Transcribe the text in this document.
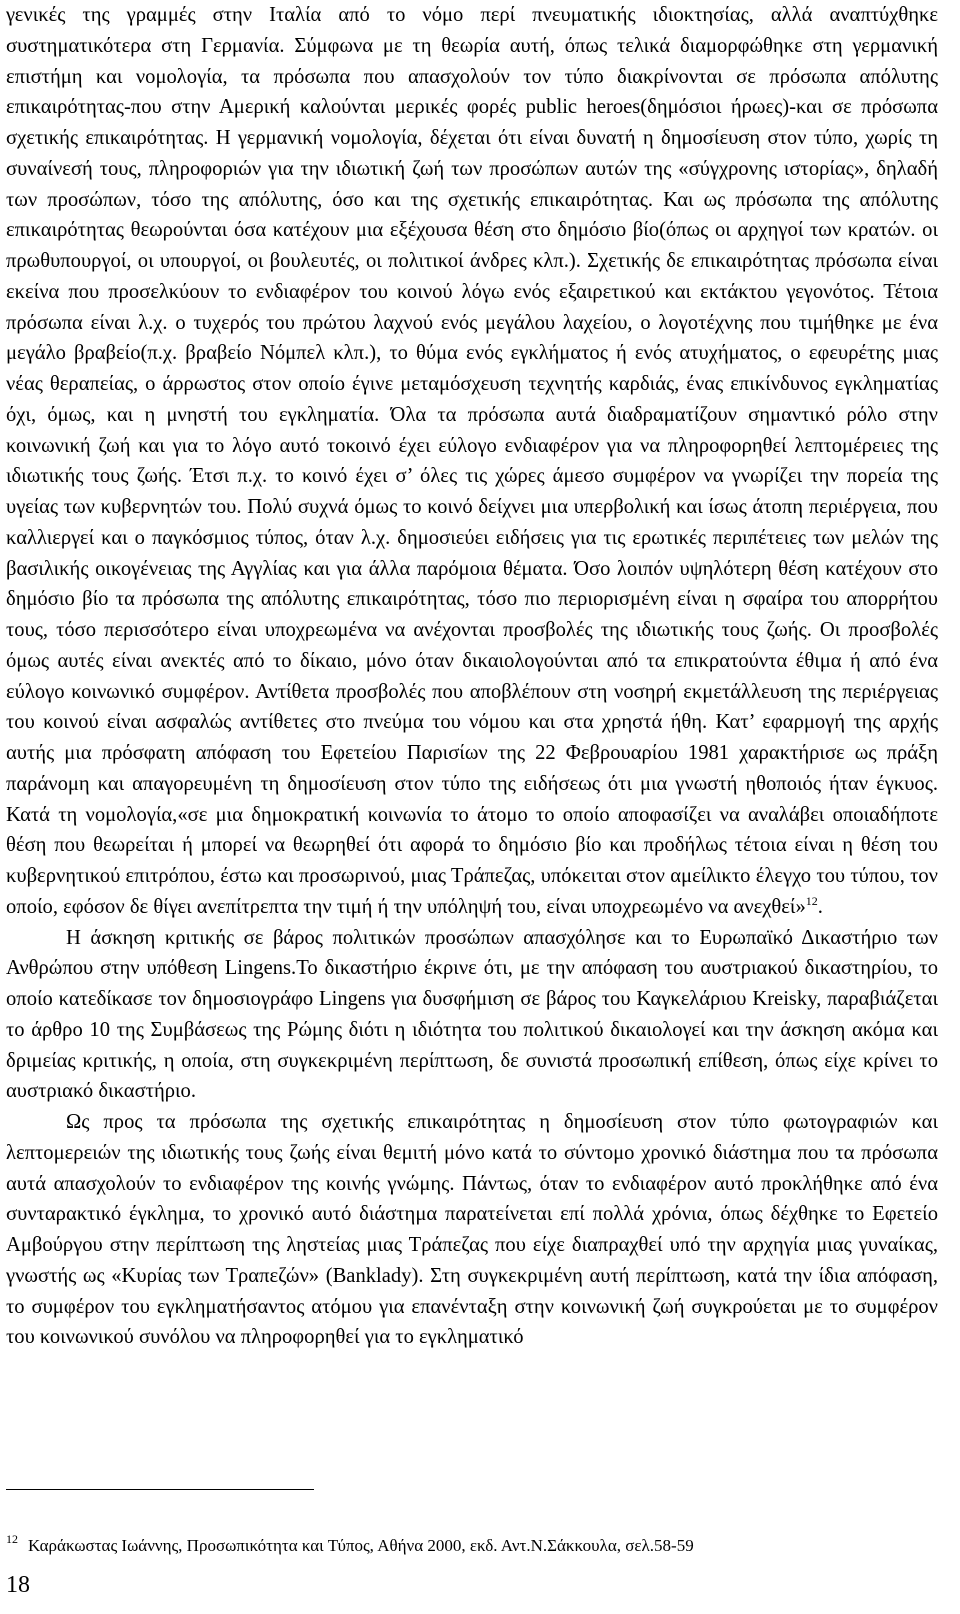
γενικές της γραμμές στην Ιταλία από το νόμο περί πνευματικής ιδιοκτησίας, αλλά αναπτύχθηκε συστηματικότερα στη Γερμανία. Σύμφωνα με τη θεωρία αυτή, όπως τελικά διαμορφώθηκε στη γερμανική επιστήμη και νομολογία, τα πρόσωπα που απασχολούν τον τύπο διακρίνονται σε πρόσωπα απόλυτης επικαιρότητας-που στην Αμερική καλούνται μερικές φορές public heroes(δημόσιοι ήρωες)-και σε πρόσωπα σχετικής επικαιρότητας. Η γερμανική νομολογία, δέχεται ότι είναι δυνατή η δημοσίευση στον τύπο, χωρίς τη συναίνεσή τους, πληροφοριών για την ιδιωτική ζωή των προσώπων αυτών της «σύγχρονης ιστορίας», δηλαδή των προσώπων, τόσο της απόλυτης, όσο και της σχετικής επικαιρότητας. Και ως πρόσωπα της απόλυτης επικαιρότητας θεωρούνται όσα κατέχουν μια εξέχουσα θέση στο δημόσιο βίο(όπως οι αρχηγοί των κρατών. οι πρωθυπουργοί, οι υπουργοί, οι βουλευτές, οι πολιτικοί άνδρες κλπ.). Σχετικής δε επικαιρότητας πρόσωπα είναι εκείνα που προσελκύουν το ενδιαφέρον του κοινού λόγω ενός εξαιρετικού και εκτάκτου γεγονότος. Τέτοια πρόσωπα είναι λ.χ. ο τυχερός του πρώτου λαχνού ενός μεγάλου λαχείου, ο λογοτέχνης που τιμήθηκε με ένα μεγάλο βραβείο(π.χ. βραβείο Νόμπελ κλπ.), το θύμα ενός εγκλήματος ή ενός ατυχήματος, ο εφευρέτης μιας νέας θεραπείας, ο άρρωστος στον οποίο έγινε μεταμόσχευση τεχνητής καρδιάς, ένας επικίνδυνος εγκληματίας όχι, όμως, και η μνηστή του εγκληματία. Όλα τα πρόσωπα αυτά διαδραματίζουν σημαντικό ρόλο στην κοινωνική ζωή και για το λόγο αυτό τοκοινό έχει εύλογο ενδιαφέρον για να πληροφορηθεί λεπτομέρειες της ιδιωτικής τους ζωής. Έτσι π.χ. το κοινό έχει σ’ όλες τις χώρες άμεσο συμφέρον να γνωρίζει την πορεία της υγείας των κυβερνητών του. Πολύ συχνά όμως το κοινό δείχνει μια υπερβολική και ίσως άτοπη περιέργεια, που καλλιεργεί και ο παγκόσμιος τύπος, όταν λ.χ. δημοσιεύει ειδήσεις για τις ερωτικές περιπέτειες των μελών της βασιλικής οικογένειας της Αγγλίας και για άλλα παρόμοια θέματα. Όσο λοιπόν υψηλότερη θέση κατέχουν στο δημόσιο βίο τα πρόσωπα της απόλυτης επικαιρότητας, τόσο πιο περιορισμένη είναι η σφαίρα του απορρήτου τους, τόσο περισσότερο είναι υποχρεωμένα να ανέχονται προσβολές της ιδιωτικής τους ζωής. Οι προσβολές όμως αυτές είναι ανεκτές από το δίκαιο, μόνο όταν δικαιολογούνται από τα επικρατούντα έθιμα ή από ένα εύλογο κοινωνικό συμφέρον. Αντίθετα προσβολές που αποβλέπουν στη νοσηρή εκμετάλλευση της περιέργειας του κοινού είναι ασφαλώς αντίθετες στο πνεύμα του νόμου και στα χρηστά ήθη. Κατ’ εφαρμογή της αρχής αυτής μια πρόσφατη απόφαση του Εφετείου Παρισίων της 22 Φεβρουαρίου 1981 χαρακτήρισε ως πράξη παράνομη και απαγορευμένη τη δημοσίευση στον τύπο της ειδήσεως ότι μια γνωστή ηθοποιός ήταν έγκυος. Κατά τη νομολογία,«σε μια δημοκρατική κοινωνία το άτομο το οποίο αποφασίζει να αναλάβει οποιαδήποτε θέση που θεωρείται ή μπορεί να θεωρηθεί ότι αφορά το δημόσιο βίο και προδήλως τέτοια είναι η θέση του κυβερνητικού επιτρόπου, έστω και προσωρινού, μιας Τράπεζας, υπόκειται στον αμείλικτο έλεγχο του τύπου, τον οποίο, εφόσον δε θίγει ανεπίτρεπτα την τιμή ή την υπόληψή του, είναι υποχρεωμένο να ανεχθεί»$^{12}$.

Η άσκηση κριτικής σε βάρος πολιτικών προσώπων απασχόλησε και το Ευρωπαϊκό Δικαστήριο των Ανθρώπου στην υπόθεση Lingens.Το δικαστήριο έκρινε ότι, με την απόφαση του αυστριακού δικαστηρίου, το οποίο κατεδίκασε τον δημοσιογράφο Lingens για δυσφήμιση σε βάρος του Καγκελάριου Kreisky, παραβιάζεται το άρθρο 10 της Συμβάσεως της Ρώμης διότι η ιδιότητα του πολιτικού δικαιολογεί και την άσκηση ακόμα και δριμείας κριτικής, η οποία, στη συγκεκριμένη περίπτωση, δε συνιστά προσωπική επίθεση, όπως είχε κρίνει το αυστριακό δικαστήριο.

Ως προς τα πρόσωπα της σχετικής επικαιρότητας η δημοσίευση στον τύπο φωτογραφιών και λεπτομερειών της ιδιωτικής τους ζωής είναι θεμιτή μόνο κατά το σύντομο χρονικό διάστημα που τα πρόσωπα αυτά απασχολούν το ενδιαφέρον της κοινής γνώμης. Πάντως, όταν το ενδιαφέρον αυτό προκλήθηκε από ένα συνταρακτικό έγκλημα, το χρονικό αυτό διάστημα παρατείνεται επί πολλά χρόνια, όπως δέχθηκε το Εφετείο Αμβούργου στην περίπτωση της ληστείας μιας Τράπεζας που είχε διαπραχθεί υπό την αρχηγία μιας γυναίκας, γνωστής ως «Κυρίας των Τραπεζών» (Banklady). Στη συγκεκριμένη αυτή περίπτωση, κατά την ίδια απόφαση, το συμφέρον του εγκληματήσαντος ατόμου για επανένταξη στην κοινωνική ζωή συγκρούεται με το συμφέρον του κοινωνικού συνόλου να πληροφορηθεί για το εγκληματικό

$^{12}$ Καράκωστας Ιωάννης, Προσωπικότητα και Τύπος, Αθήνα 2000, εκδ. Αντ.Ν.Σάκκουλα, σελ.58-59
18
